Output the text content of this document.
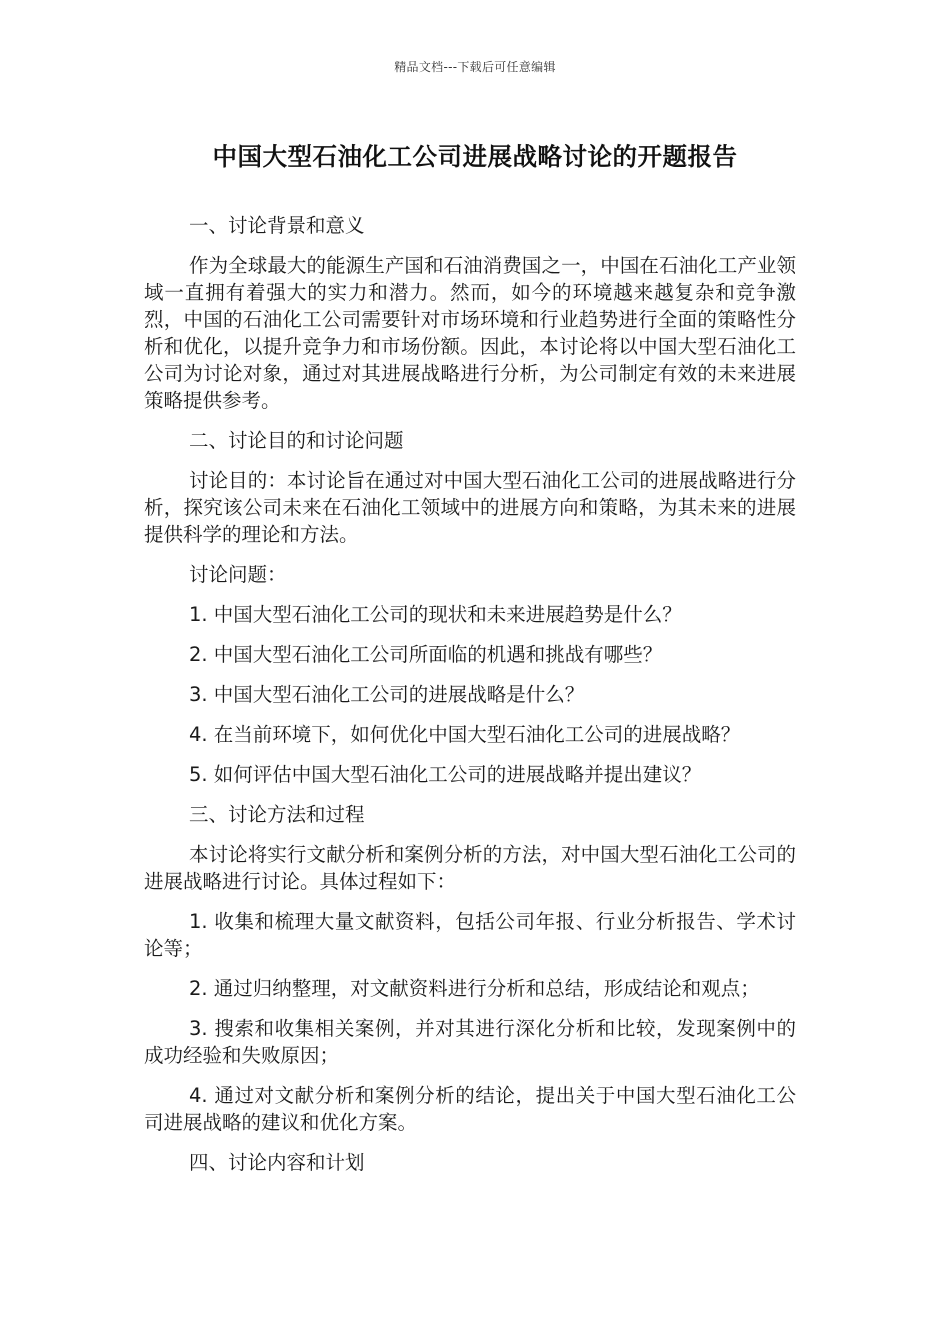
精品文档---下载后可任意编辑
中国大型石油化工公司进展战略讨论的开题报告
一、讨论背景和意义
作为全球最大的能源生产国和石油消费国之一，中国在石油化工产业领域一直拥有着强大的实力和潜力。然而，如今的环境越来越复杂和竞争激烈，中国的石油化工公司需要针对市场环境和行业趋势进行全面的策略性分析和优化，以提升竞争力和市场份额。因此，本讨论将以中国大型石油化工公司为讨论对象，通过对其进展战略进行分析，为公司制定有效的未来进展策略提供参考。
二、讨论目的和讨论问题
讨论目的：本讨论旨在通过对中国大型石油化工公司的进展战略进行分析，探究该公司未来在石油化工领域中的进展方向和策略，为其未来的进展提供科学的理论和方法。
讨论问题：
1. 中国大型石油化工公司的现状和未来进展趋势是什么？
2. 中国大型石油化工公司所面临的机遇和挑战有哪些？
3. 中国大型石油化工公司的进展战略是什么？
4. 在当前环境下，如何优化中国大型石油化工公司的进展战略？
5. 如何评估中国大型石油化工公司的进展战略并提出建议？
三、讨论方法和过程
本讨论将实行文献分析和案例分析的方法，对中国大型石油化工公司的进展战略进行讨论。具体过程如下：
1. 收集和梳理大量文献资料，包括公司年报、行业分析报告、学术讨论等；
2. 通过归纳整理，对文献资料进行分析和总结，形成结论和观点；
3. 搜索和收集相关案例，并对其进行深化分析和比较，发现案例中的成功经验和失败原因；
4. 通过对文献分析和案例分析的结论，提出关于中国大型石油化工公司进展战略的建议和优化方案。
四、讨论内容和计划
